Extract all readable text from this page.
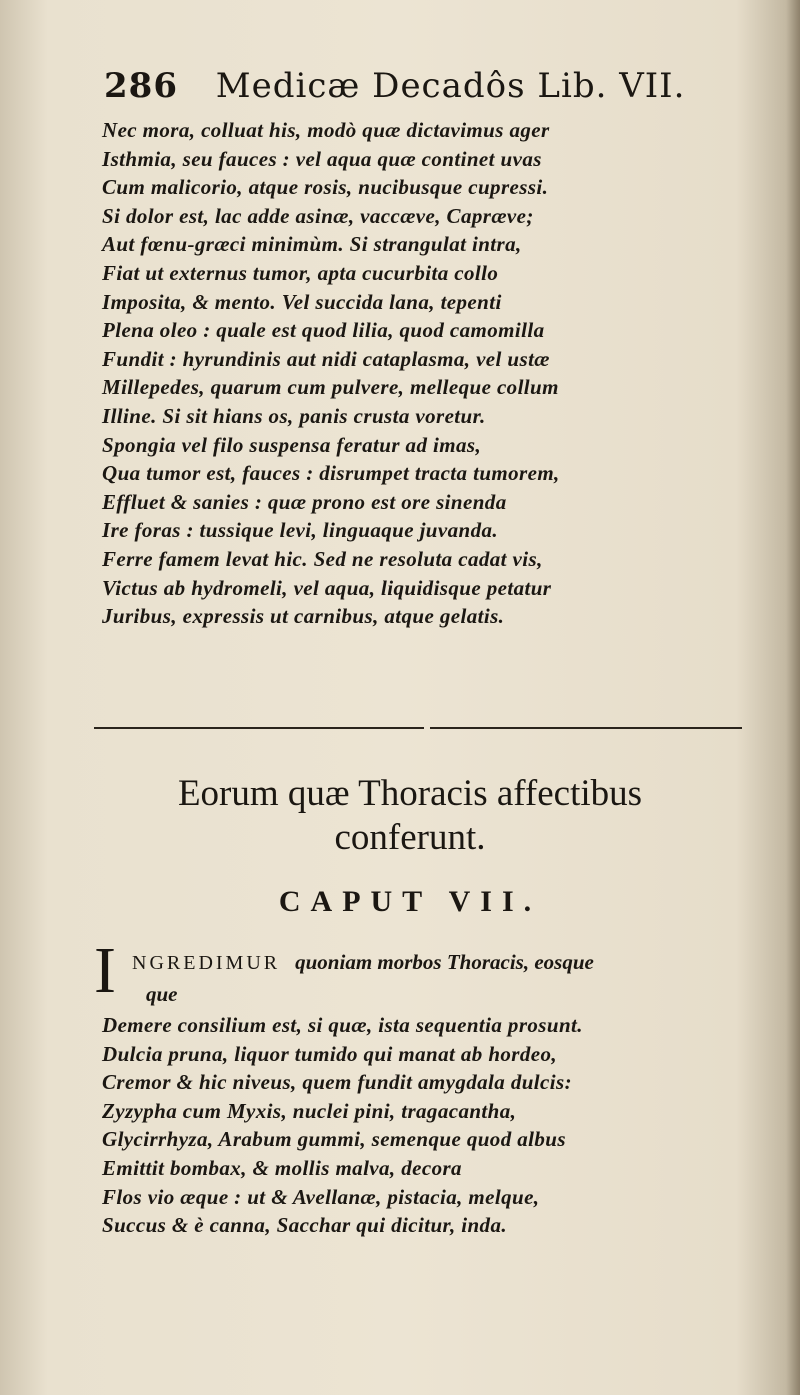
286 Medicæ Decadôs Lib. VII.
Nec mora, colluat his, modò quæ dictavimus ager
Isthmia, seu fauces : vel aqua quæ continet uvas
Cum malicorio, atque rosis, nucibusque cupressi.
Si dolor est, lac adde asinæ, vaccæve, Capræve;
Aut fœnu-græci minimùm. Si strangulat intra,
Fiat ut externus tumor, apta cucurbita collo
Imposita, & mento. Vel succida lana, tepenti
Plena oleo : quale est quod lilia, quod camomilla
Fundit : hyrundinis aut nidi cataplasma, vel ustæ
Millepedes, quarum cum pulvere, melleque collum
Illine. Si sit hians os, panis crusta voretur.
Spongia vel filo suspensa feratur ad imas,
Qua tumor est, fauces : disrumpet tracta tumorem,
Effluet & sanies : quæ prono est ore sinenda
Ire foras : tussique levi, linguaque juvanda.
Ferre famem levat hic. Sed ne resoluta cadat vis,
Victus ab hydromeli, vel aqua, liquidisque petatur
Juribus, expressis ut carnibus, atque gelatis.
Eorum quæ Thoracis affectibus
conferunt.
CAPUT VII.
I NGREDIMUR quoniam morbos Thoracis, eosque
que
Demere consilium est, si quæ, ista sequentia prosunt.
Dulcia pruna, liquor tumido qui manat ab hordeo,
Cremor & hic niveus, quem fundit amygdala dulcis:
Zyzypha cum Myxis, nuclei pini, tragacantha,
Glycirrhyza, Arabum gummi, semenque quod albus
Emittit bombax, & mollis malva, decora
Flos vio æque : ut & Avellanæ, pistacia, melque,
Succus & è canna, Sacchar qui dicitur, inda.
